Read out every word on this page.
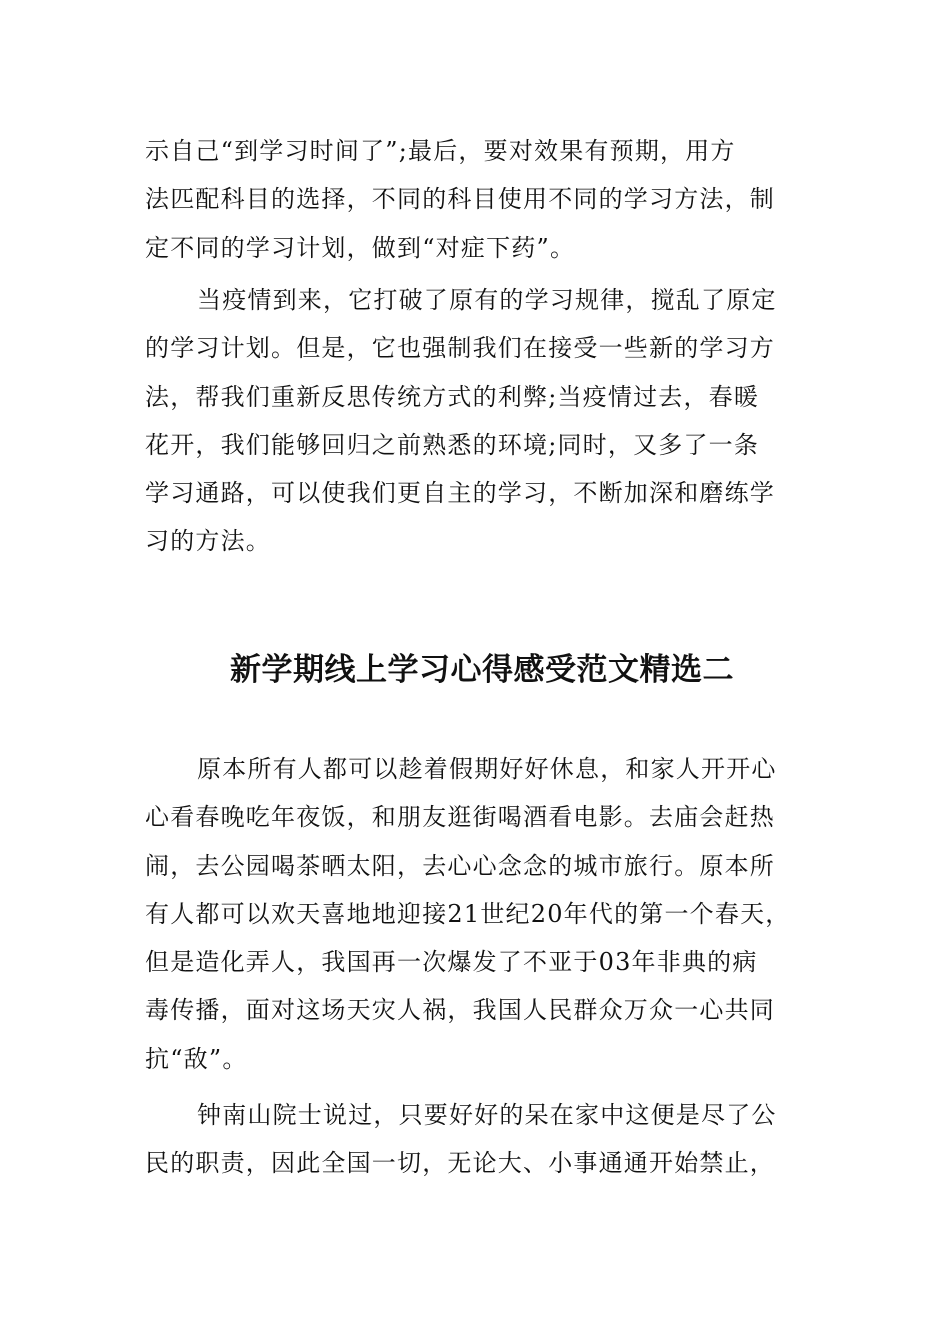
示自己“到学习时间了”;最后，要对效果有预期，用方
法匹配科目的选择，不同的科目使用不同的学习方法，制
定不同的学习计划，做到“对症下药”。

当疫情到来，它打破了原有的学习规律，搅乱了原定
的学习计划。但是，它也强制我们在接受一些新的学习方
法，帮我们重新反思传统方式的利弊;当疫情过去，春暖
花开，我们能够回归之前熟悉的环境;同时，又多了一条
学习通路，可以使我们更自主的学习，不断加深和磨练学
习的方法。

新学期线上学习心得感受范文精选二

原本所有人都可以趁着假期好好休息，和家人开开心
心看春晚吃年夜饭，和朋友逛街喝酒看电影。去庙会赶热
闹，去公园喝茶晒太阳，去心心念念的城市旅行。原本所
有人都可以欢天喜地地迎接21世纪20年代的第一个春天，
但是造化弄人，我国再一次爆发了不亚于03年非典的病
毒传播，面对这场天灾人祸，我国人民群众万众一心共同
抗“敌”。

钟南山院士说过，只要好好的呆在家中这便是尽了公
民的职责，因此全国一切，无论大、小事通通开始禁止，
